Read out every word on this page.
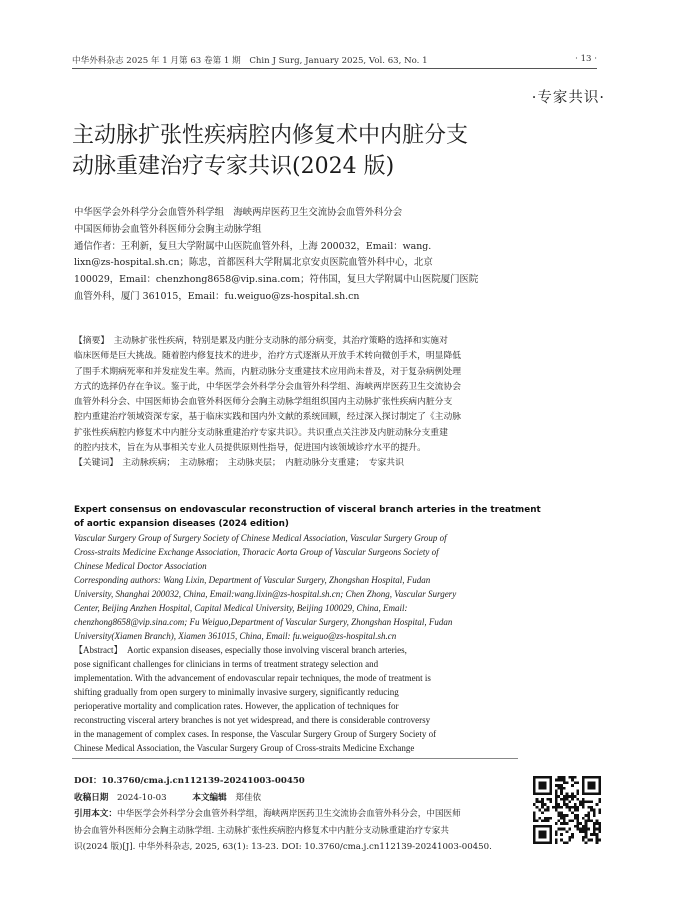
中华外科杂志 2025 年 1 月第 63 卷第 1 期　Chin J Surg, January 2025, Vol. 63, No. 1	· 13 ·
·专家共识·
主动脉扩张性疾病腔内修复术中内脏分支
动脉重建治疗专家共识(2024 版)
中华医学会外科学分会血管外科学组　海峡两岸医药卫生交流协会血管外科分会
中国医师协会血管外科医师分会胸主动脉学组
通信作者：王利新，复旦大学附属中山医院血管外科，上海 200032，Email：wang.
lixn@zs-hospital.sh.cn；陈忠，首都医科大学附属北京安贞医院血管外科中心，北京
100029，Email：chenzhong8658@vip.sina.com；符伟国，复旦大学附属中山医院厦门医院
血管外科，厦门 361015，Email：fu.weiguo@zs-hospital.sh.cn
【摘要】　主动脉扩张性疾病，特别是累及内脏分支动脉的部分病变，其治疗策略的选择和实施对
临床医师是巨大挑战。随着腔内修复技术的进步，治疗方式逐渐从开放手术转向微创手术，明显降低
了围手术期病死率和并发症发生率。然而，内脏动脉分支重建技术应用尚未普及，对于复杂病例处理
方式的选择仍存在争议。鉴于此，中华医学会外科学分会血管外科学组、海峡两岸医药卫生交流协会
血管外科分会、中国医师协会血管外科医师分会胸主动脉学组组织国内主动脉扩张性疾病内脏分支
腔内重建治疗领域资深专家，基于临床实践和国内外文献的系统回顾，经过深入探讨制定了《主动脉
扩张性疾病腔内修复术中内脏分支动脉重建治疗专家共识》。共识重点关注涉及内脏动脉分支重建
的腔内技术，旨在为从事相关专业人员提供原则性指导，促进国内该领域诊疗水平的提升。
【关键词】　主动脉疾病；　主动脉瘤；　主动脉夹层；　内脏动脉分支重建；　专家共识
Expert consensus on endovascular reconstruction of visceral branch arteries in the treatment
of aortic expansion diseases (2024 edition)
Vascular Surgery Group of Surgery Society of Chinese Medical Association, Vascular Surgery Group of
Cross-straits Medicine Exchange Association, Thoracic Aorta Group of Vascular Surgeons Society of
Chinese Medical Doctor Association
Corresponding authors: Wang Lixin, Department of Vascular Surgery, Zhongshan Hospital, Fudan
University, Shanghai 200032, China, Email:wang.lixin@zs-hospital.sh.cn; Chen Zhong, Vascular Surgery
Center, Beijing Anzhen Hospital, Capital Medical University, Beijing 100029, China, Email:
chenzhong8658@vip.sina.com; Fu Weiguo,Department of Vascular Surgery, Zhongshan Hospital, Fudan
University(Xiamen Branch), Xiamen 361015, China, Email: fu.weiguo@zs-hospital.sh.cn
【Abstract】　Aortic expansion diseases, especially those involving visceral branch arteries,
pose significant challenges for clinicians in terms of treatment strategy selection and
implementation. With the advancement of endovascular repair techniques, the mode of treatment is
shifting gradually from open surgery to minimally invasive surgery, significantly reducing
perioperative mortality and complication rates. However, the application of techniques for
reconstructing visceral artery branches is not yet widespread, and there is considerable controversy
in the management of complex cases. In response, the Vascular Surgery Group of Surgery Society of
Chinese Medical Association, the Vascular Surgery Group of Cross-straits Medicine Exchange
DOI：10.3760/cma.j.cn112139-20241003-00450
收稿日期　 2024-10-03　　　	本文编辑　 郑佳依
引用本文：中华医学会外科学分会血管外科学组，海峡两岸医药卫生交流协会血管外科分会，中国医师
协会血管外科医师分会胸主动脉学组. 主动脉扩张性疾病腔内修复术中内脏分支动脉重建治疗专家共
识(2024 版)[J]. 中华外科杂志, 2025, 63(1): 13-23. DOI: 10.3760/cma.j.cn112139-20241003-00450.
